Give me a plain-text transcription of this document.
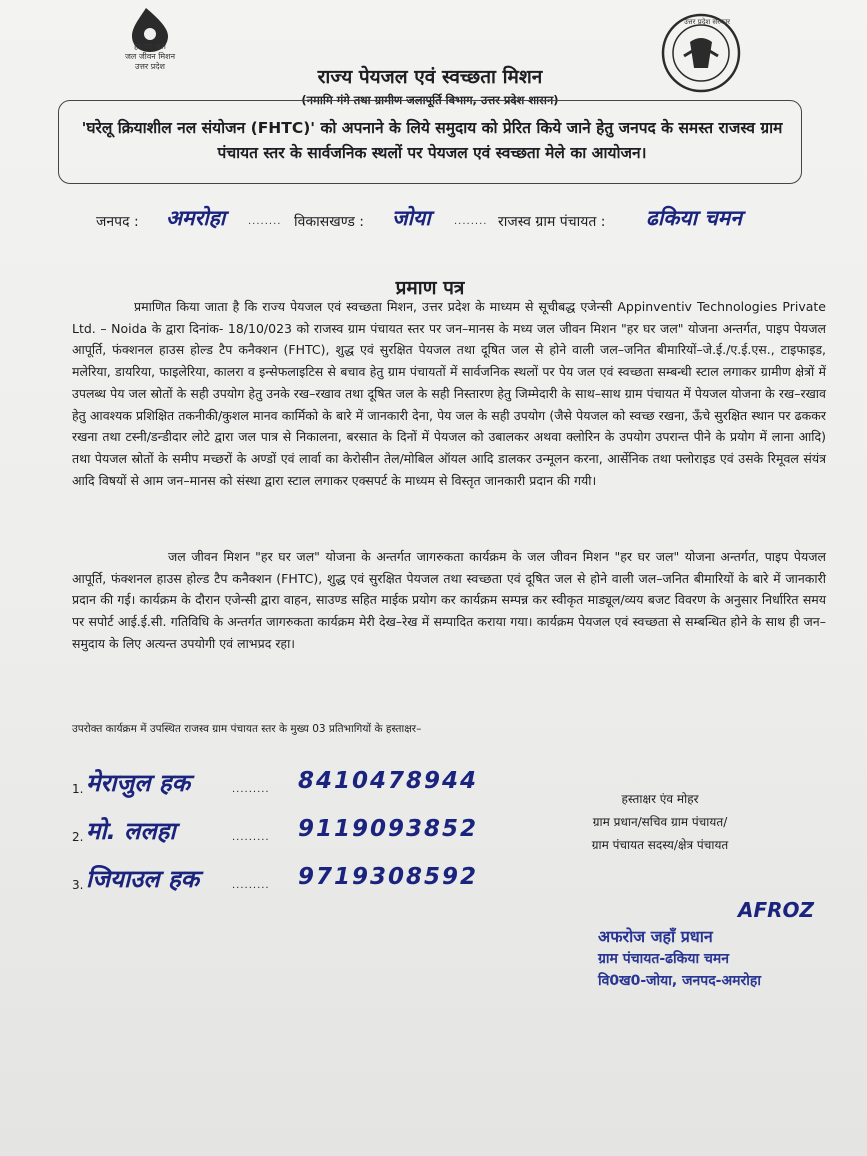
हर घर जल
जल जीवन मिशन
उत्तर प्रदेश
उत्तर प्रदेश सरकार
राज्य पेयजल एवं स्वच्छता मिशन
(नमामि गंगे तथा ग्रामीण जलापूर्ति विभाग, उत्तर प्रदेश शासन)
'घरेलू क्रियाशील नल संयोजन (FHTC)' को अपनाने के लिये समुदाय को प्रेरित किये जाने हेतु जनपद के समस्त राजस्व ग्राम पंचायत स्तर के सार्वजनिक स्थलों पर पेयजल एवं स्वच्छता मेले का आयोजन।
जनपद : अमरोहा ........ विकासखण्ड : जोया ........ राजस्व ग्राम पंचायत : ढकिया चमन
प्रमाण पत्र
प्रमाणित किया जाता है कि राज्य पेयजल एवं स्वच्छता मिशन, उत्तर प्रदेश के माध्यम से सूचीबद्ध एजेन्सी Appinventiv Technologies Private Ltd. – Noida के द्वारा दिनांक- 18/10/023 को राजस्व ग्राम पंचायत स्तर पर जन–मानस के मध्य जल जीवन मिशन "हर घर जल" योजना अन्तर्गत, पाइप पेयजल आपूर्ति, फंक्शनल हाउस होल्ड टैप कनैक्शन (FHTC), शुद्ध एवं सुरक्षित पेयजल तथा दूषित जल से होने वाली जल–जनित बीमारियों–जे.ई./ए.ई.एस., टाइफाइड, मलेरिया, डायरिया, फाइलेरिया, कालरा व इन्सेफलाइटिस से बचाव हेतु ग्राम पंचायतों में सार्वजनिक स्थलों पर पेय जल एवं स्वच्छता सम्बन्धी स्टाल लगाकर ग्रामीण क्षेत्रों में उपलब्ध पेय जल स्रोतों के सही उपयोग हेतु उनके रख–रखाव तथा दूषित जल के सही निस्तारण हेतु जिम्मेदारी के साथ–साथ ग्राम पंचायत में पेयजल योजना के रख–रखाव हेतु आवश्यक प्रशिक्षित तकनीकी/कुशल मानव कार्मिको के बारे में जानकारी देना, पेय जल के सही उपयोग (जैसे पेयजल को स्वच्छ रखना, ऊँचे सुरक्षित स्थान पर ढककर रखना तथा टस्नी/डन्डीदार लोटे द्वारा जल पात्र से निकालना, बरसात के दिनों में पेयजल को उबालकर अथवा क्लोरिन के उपयोग उपरान्त पीने के प्रयोग में लाना आदि) तथा पेयजल स्रोतों के समीप मच्छरों के अण्डों एवं लार्वा का केरोसीन तेल/मोबिल ऑयल आदि डालकर उन्मूलन करना, आर्सेनिक तथा फ्लोराइड एवं उसके रिमूवल संयंत्र आदि विषयों से आम जन–मानस को संस्था द्वारा स्टाल लगाकर एक्सपर्ट के माध्यम से विस्तृत जानकारी प्रदान की गयी।
जल जीवन मिशन "हर घर जल" योजना के अन्तर्गत जागरुकता कार्यक्रम के जल जीवन मिशन "हर घर जल" योजना अन्तर्गत, पाइप पेयजल आपूर्ति, फंक्शनल हाउस होल्ड टैप कनैक्शन (FHTC), शुद्ध एवं सुरक्षित पेयजल तथा स्वच्छता एवं दूषित जल से होने वाली जल–जनित बीमारियों के बारे में जानकारी प्रदान की गई। कार्यक्रम के दौरान एजेन्सी द्वारा वाहन, साउण्ड सहित माईक प्रयोग कर कार्यक्रम सम्पन्न कर स्वीकृत माड्यूल/व्यय बजट विवरण के अनुसार निर्धारित समय पर सपोर्ट आई.ई.सी. गतिविधि के अन्तर्गत जागरुकता कार्यक्रम मेरी देख–रेख में सम्पादित कराया गया। कार्यक्रम पेयजल एवं स्वच्छता से सम्बन्धित होने के साथ ही जन–समुदाय के लिए अत्यन्त उपयोगी एवं लाभप्रद रहा।
उपरोक्त कार्यक्रम में उपस्थित राजस्व ग्राम पंचायत स्तर के मुख्य 03 प्रतिभागियों के हस्ताक्षर–
1. मेराजुल हक	......... 8410478944
2. मो. ललहा	......... 9119093852
3. जियाउल हक	......... 9719308592
हस्ताक्षर एंव मोहर
ग्राम प्रधान/सचिव ग्राम पंचायत/
ग्राम पंचायत सदस्य/क्षेत्र पंचायत
AFROZ
अफरोज जहाँ प्रधान
ग्राम पंचायत-ढकिया चमन
वि0ख0-जोया, जनपद-अमरोहा
